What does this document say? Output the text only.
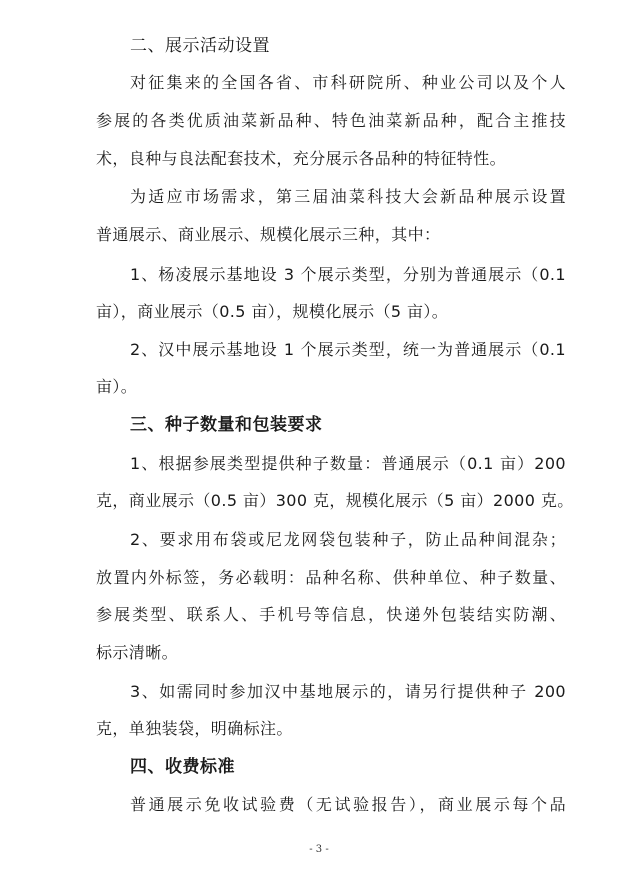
二、展示活动设置
对征集来的全国各省、市科研院所、种业公司以及个人
参展的各类优质油菜新品种、特色油菜新品种，配合主推技
术，良种与良法配套技术，充分展示各品种的特征特性。
为适应市场需求，第三届油菜科技大会新品种展示设置
普通展示、商业展示、规模化展示三种，其中：
1、杨凌展示基地设 3 个展示类型，分别为普通展示（0.1
亩），商业展示（0.5 亩），规模化展示（5 亩）。
2、汉中展示基地设 1 个展示类型，统一为普通展示（0.1
亩）。
三、种子数量和包装要求
1、根据参展类型提供种子数量：普通展示（0.1 亩）200
克，商业展示（0.5 亩）300 克，规模化展示（5 亩）2000 克。
2、要求用布袋或尼龙网袋包装种子，防止品种间混杂；
放置内外标签，务必载明：品种名称、供种单位、种子数量、
参展类型、联系人、手机号等信息，快递外包装结实防潮、
标示清晰。
3、如需同时参加汉中基地展示的，请另行提供种子 200
克，单独装袋，明确标注。
四、收费标准
普通展示免收试验费（无试验报告），商业展示每个品
- 3 -
